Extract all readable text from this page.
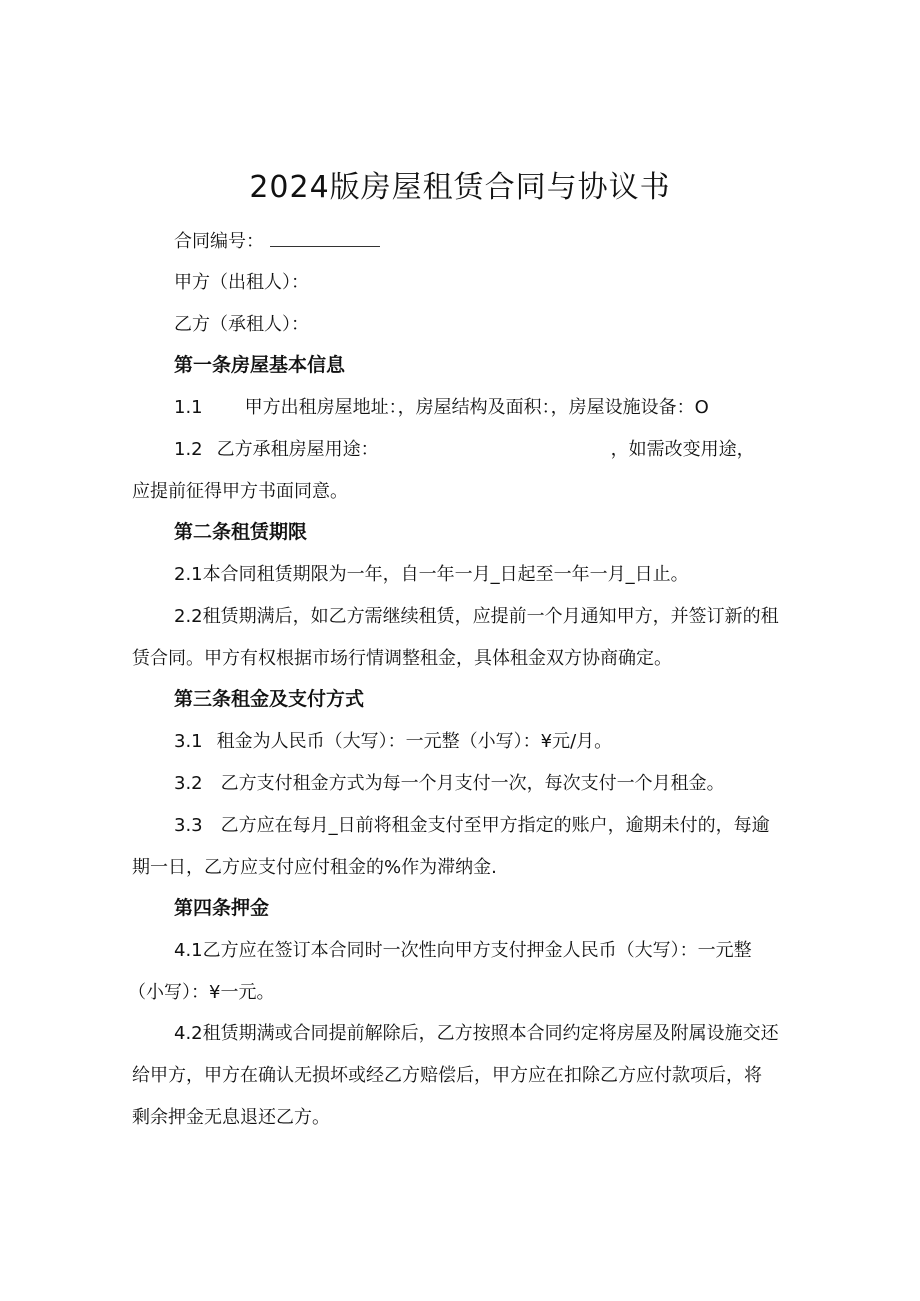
2024版房屋租赁合同与协议书
合同编号：
甲方（出租人）：
乙方（承租人）：
第一条房屋基本信息
1.1 甲方出租房屋地址：，房屋结构及面积：，房屋设施设备：O
1.2 乙方承租房屋用途：	，如需改变用途，
应提前征得甲方书面同意。
第二条租赁期限
2.1本合同租赁期限为一年，自一年一月_日起至一年一月_日止。
2.2租赁期满后，如乙方需继续租赁，应提前一个月通知甲方，并签订新的租
赁合同。甲方有权根据市场行情调整租金，具体租金双方协商确定。
第三条租金及支付方式
3.1 租金为人民币（大写）：一元整（小写）：¥元/月。
3.2 乙方支付租金方式为每一个月支付一次，每次支付一个月租金。
3.3 乙方应在每月_日前将租金支付至甲方指定的账户，逾期未付的，每逾
期一日，乙方应支付应付租金的%作为滞纳金.
第四条押金
4.1乙方应在签订本合同时一次性向甲方支付押金人民币（大写）：一元整
（小写）：¥一元。
4.2租赁期满或合同提前解除后，乙方按照本合同约定将房屋及附属设施交还
给甲方，甲方在确认无损坏或经乙方赔偿后，甲方应在扣除乙方应付款项后，将
剩余押金无息退还乙方。
